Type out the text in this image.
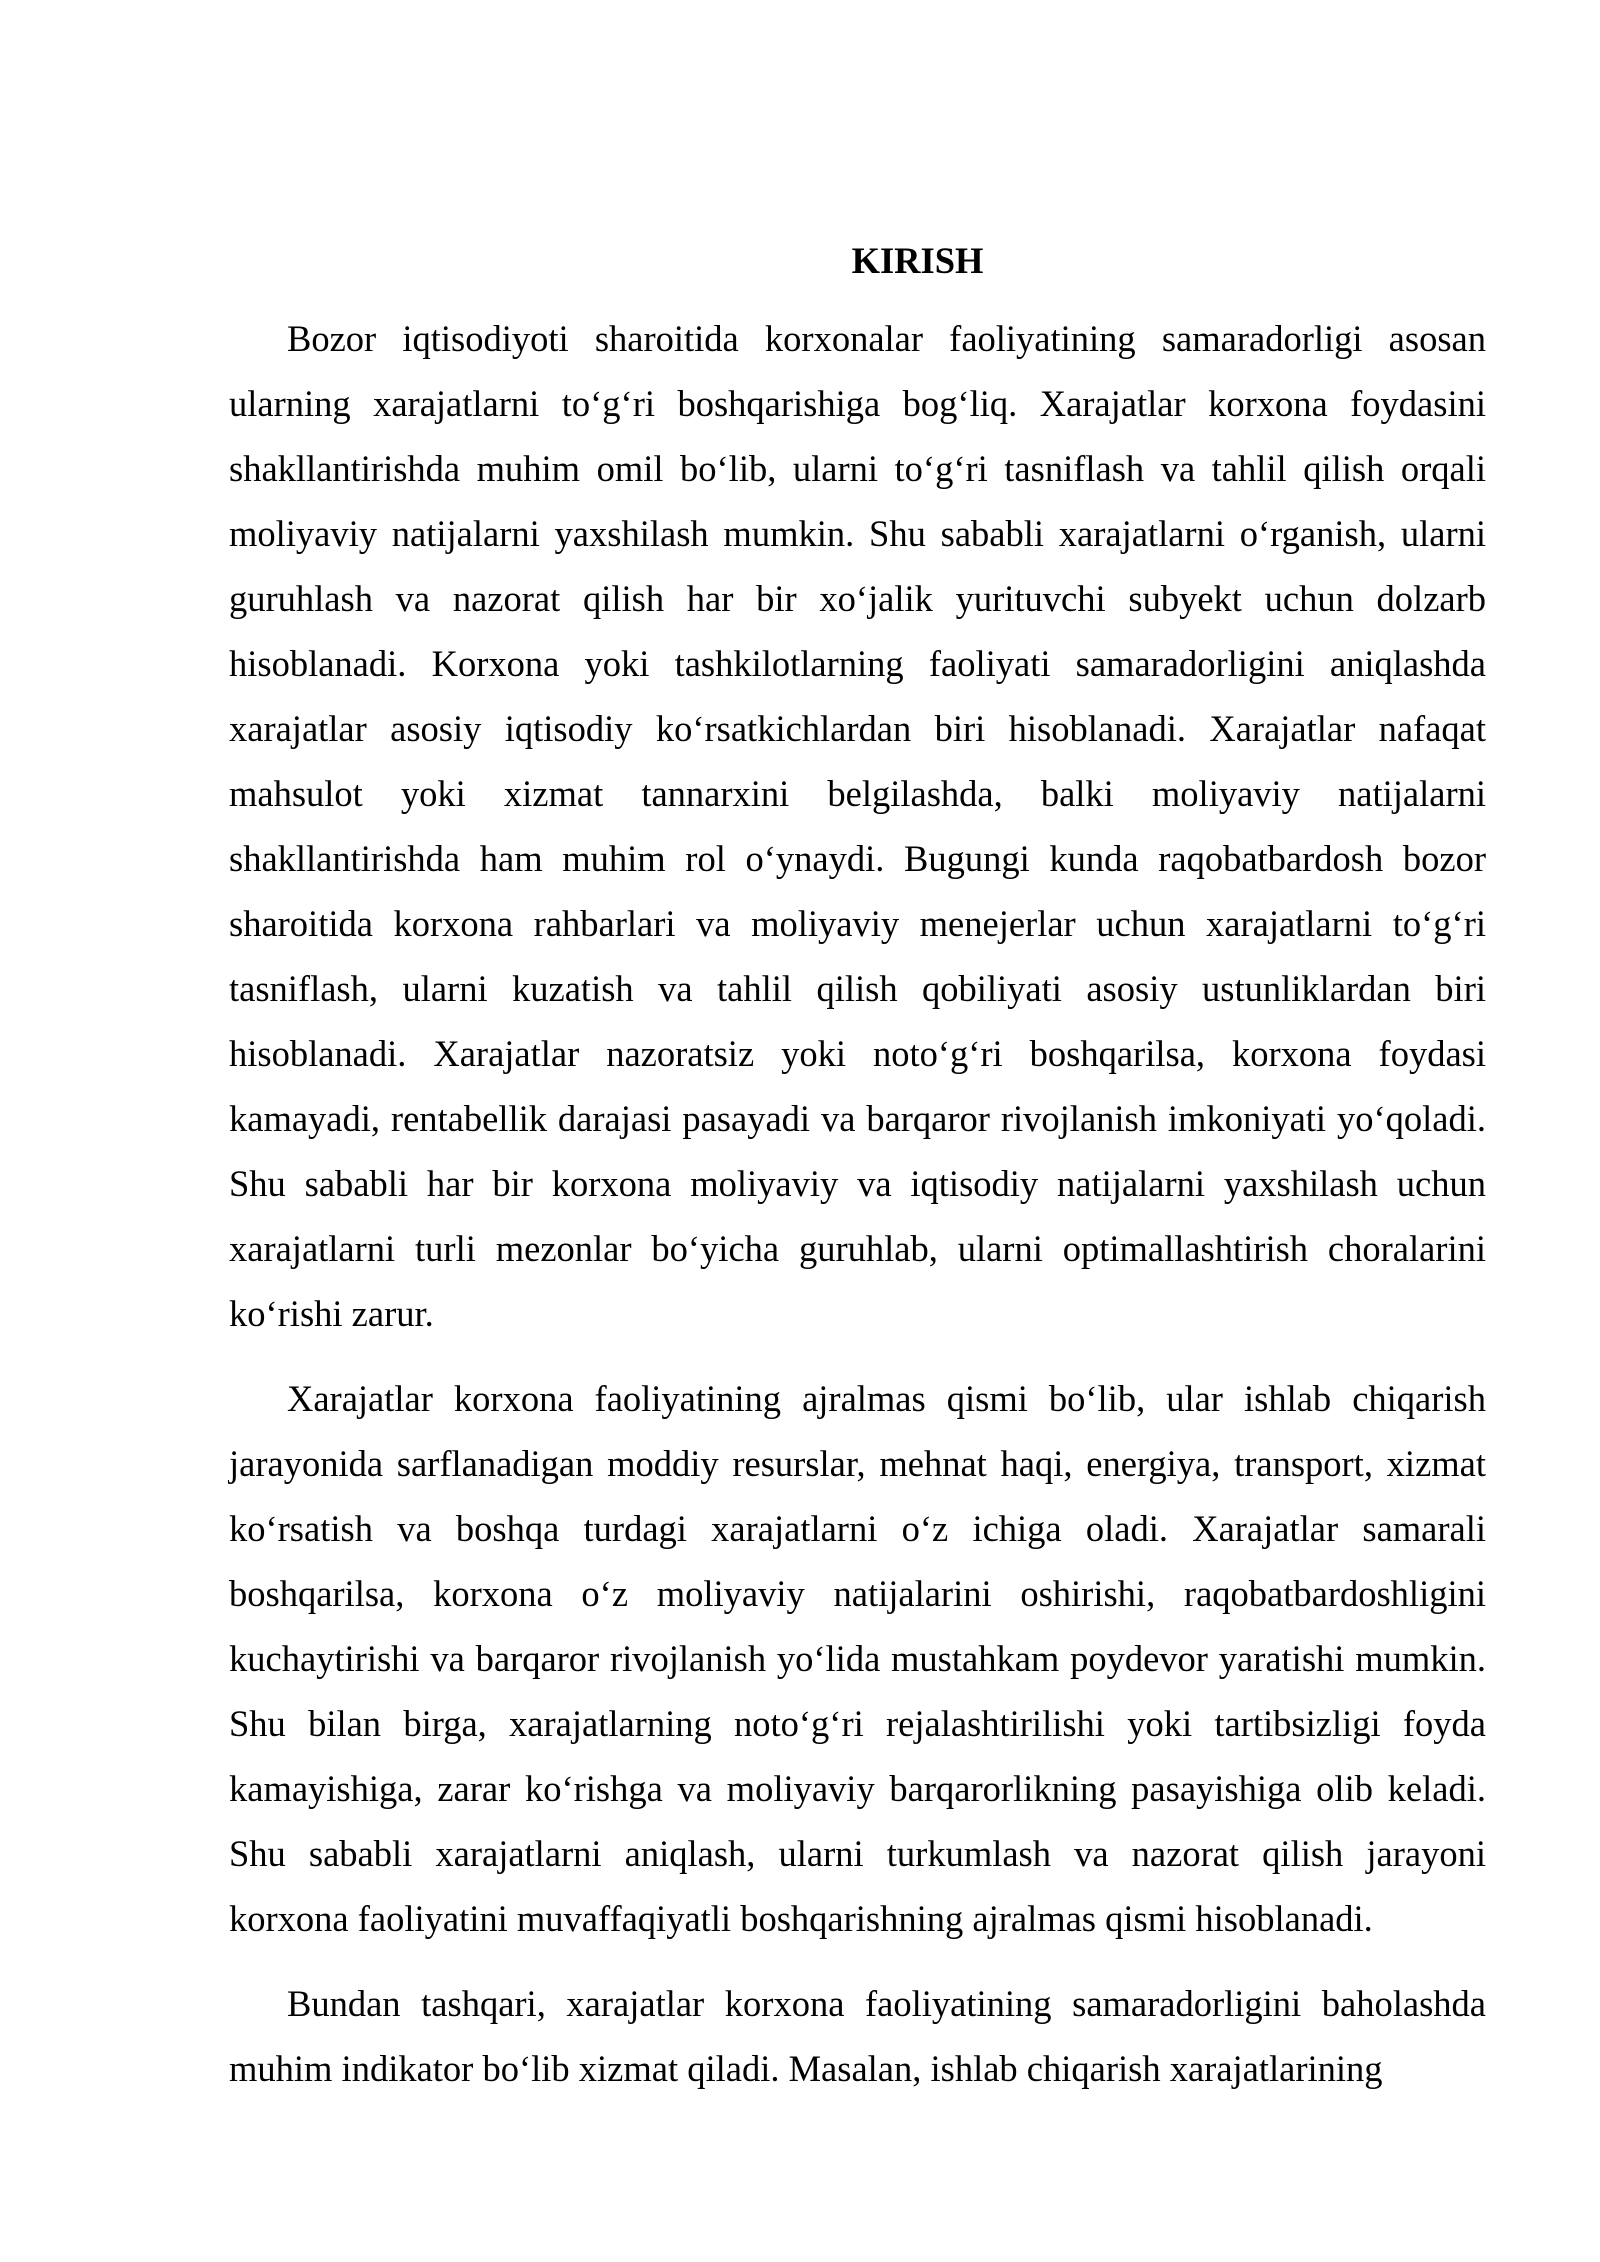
KIRISH

Bozor iqtisodiyoti sharoitida korxonalar faoliyatining samaradorligi asosan ularning xarajatlarni to‘g‘ri boshqarishiga bog‘liq. Xarajatlar korxona foydasini shakllantirishda muhim omil bo‘lib, ularni to‘g‘ri tasniflash va tahlil qilish orqali moliyaviy natijalarni yaxshilash mumkin. Shu sababli xarajatlarni o‘rganish, ularni guruhlash va nazorat qilish har bir xo‘jalik yurituvchi subyekt uchun dolzarb hisoblanadi. Korxona yoki tashkilotlarning faoliyati samaradorligini aniqlashda xarajatlar asosiy iqtisodiy ko‘rsatkichlardan biri hisoblanadi. Xarajatlar nafaqat mahsulot yoki xizmat tannarxini belgilashda, balki moliyaviy natijalarni shakllantirishda ham muhim rol o‘ynaydi. Bugungi kunda raqobatbardosh bozor sharoitida korxona rahbarlari va moliyaviy menejerlar uchun xarajatlarni to‘g‘ri tasniflash, ularni kuzatish va tahlil qilish qobiliyati asosiy ustunliklardan biri hisoblanadi. Xarajatlar nazoratsiz yoki noto‘g‘ri boshqarilsa, korxona foydasi kamayadi, rentabellik darajasi pasayadi va barqaror rivojlanish imkoniyati yo‘qoladi. Shu sababli har bir korxona moliyaviy va iqtisodiy natijalarni yaxshilash uchun xarajatlarni turli mezonlar bo‘yicha guruhlab, ularni optimallashtirish choralarini ko‘rishi zarur.

Xarajatlar korxona faoliyatining ajralmas qismi bo‘lib, ular ishlab chiqarish jarayonida sarflanadigan moddiy resurslar, mehnat haqi, energiya, transport, xizmat ko‘rsatish va boshqa turdagi xarajatlarni o‘z ichiga oladi. Xarajatlar samarali boshqarilsa, korxona o‘z moliyaviy natijalarini oshirishi, raqobatbardoshligini kuchaytirishi va barqaror rivojlanish yo‘lida mustahkam poydevor yaratishi mumkin. Shu bilan birga, xarajatlarning noto‘g‘ri rejalashtirilishi yoki tartibsizligi foyda kamayishiga, zarar ko‘rishga va moliyaviy barqarorlikning pasayishiga olib keladi. Shu sababli xarajatlarni aniqlash, ularni turkumlash va nazorat qilish jarayoni korxona faoliyatini muvaffaqiyatli boshqarishning ajralmas qismi hisoblanadi.

Bundan tashqari, xarajatlar korxona faoliyatining samaradorligini baholashda muhim indikator bo‘lib xizmat qiladi. Masalan, ishlab chiqarish xarajatlarining
